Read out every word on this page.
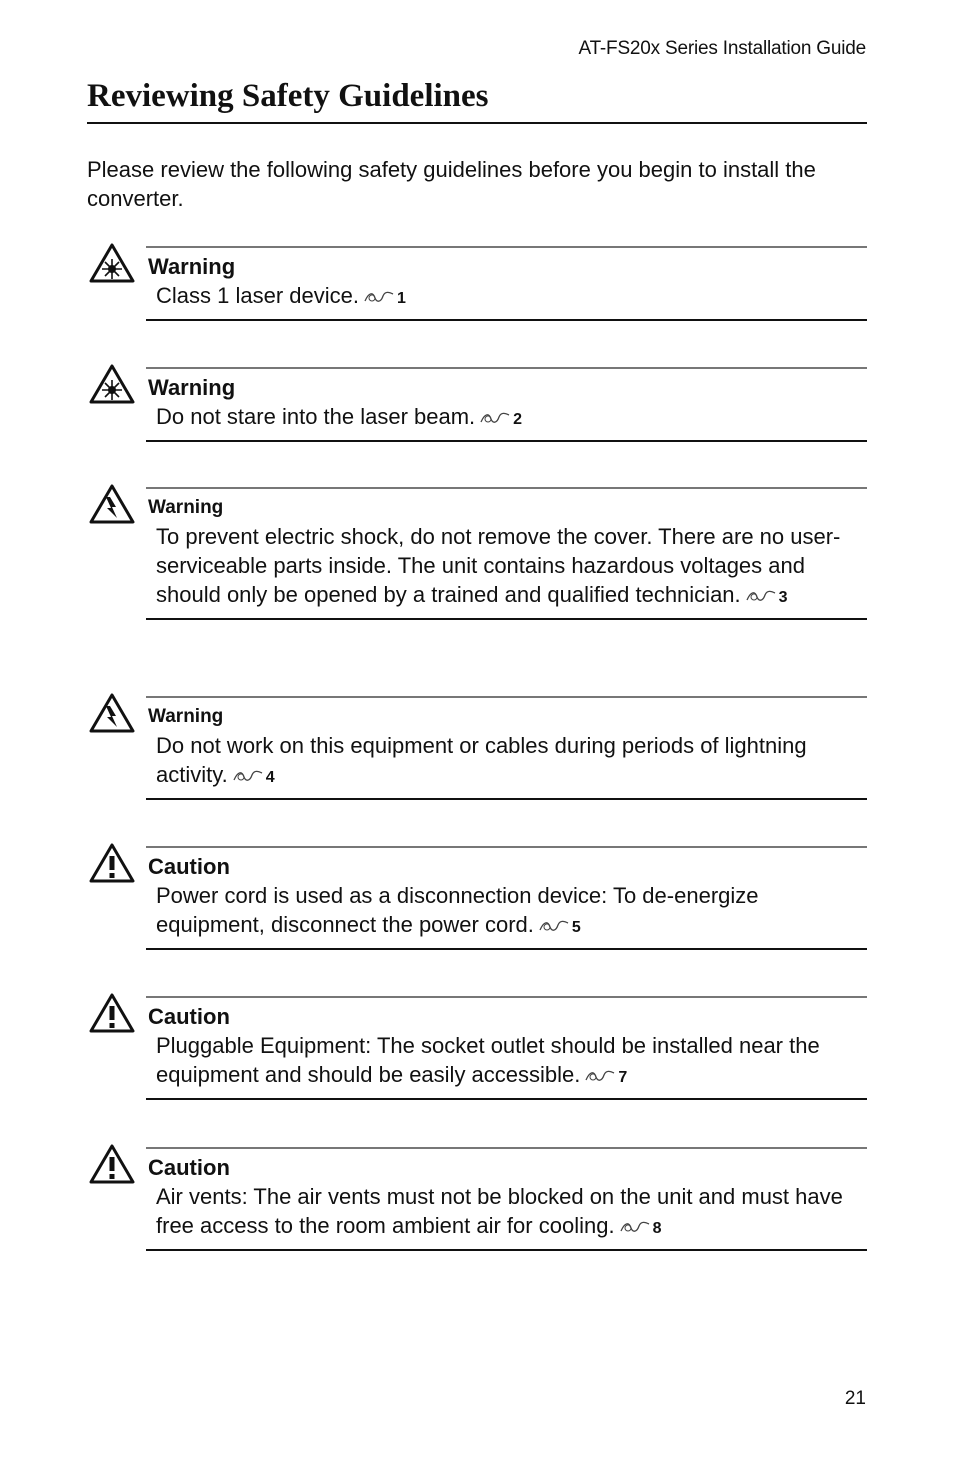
AT-FS20x Series Installation Guide
Reviewing Safety Guidelines

Please review the following safety guidelines before you begin to install the converter.

Warning
Class 1 laser device. 1
Warning
Do not stare into the laser beam. 2
Warning
To prevent electric shock, do not remove the cover. There are no user-serviceable parts inside. The unit contains hazardous voltages and should only be opened by a trained and qualified technician. 3
Warning
Do not work on this equipment or cables during periods of lightning activity. 4
Caution
Power cord is used as a disconnection device: To de-energize equipment, disconnect the power cord. 5
Caution
Pluggable Equipment: The socket outlet should be installed near the equipment and should be easily accessible. 7
Caution
Air vents: The air vents must not be blocked on the unit and must have free access to the room ambient air for cooling. 8
21
